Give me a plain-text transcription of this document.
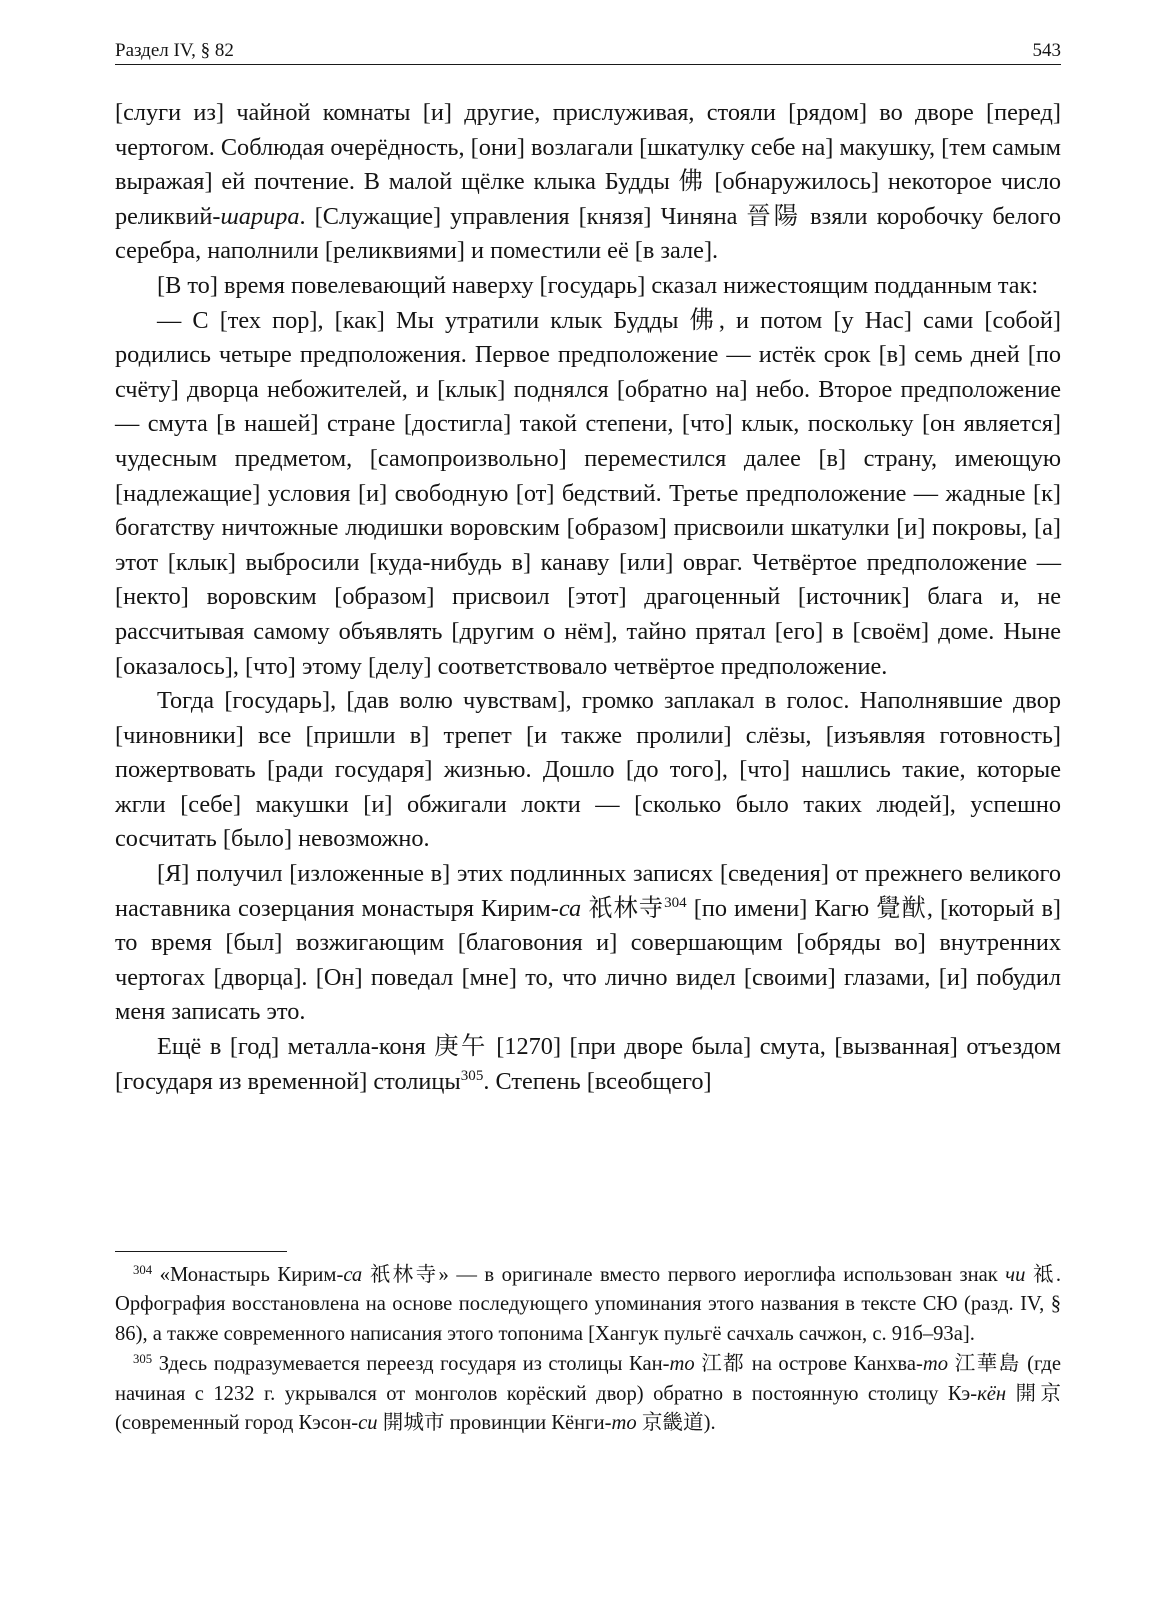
Раздел IV, § 82	543

[слуги из] чайной комнаты [и] другие, прислуживая, стояли [рядом] во дворе [перед] чертогом. Соблюдая очерёдность, [они] возлагали [шкатулку себе на] макушку, [тем самым выражая] ей почтение. В малой щёлке клыка Будды 佛 [обнаружилось] некоторое число реликвий-шарира. [Служащие] управления [князя] Чиняна 晉陽 взяли коробочку белого серебра, наполнили [реликвиями] и поместили её [в зале].

[В то] время повелевающий наверху [государь] сказал нижестоящим подданным так:

— С [тех пор], [как] Мы утратили клык Будды 佛, и потом [у Нас] сами [собой] родились четыре предположения. Первое предположение — истёк срок [в] семь дней [по счёту] дворца небожителей, и [клык] поднялся [обратно на] небо. Второе предположение — смута [в нашей] стране [достигла] такой степени, [что] клык, поскольку [он является] чудесным предметом, [самопроизвольно] переместился далее [в] страну, имеющую [надлежащие] условия [и] свободную [от] бедствий. Третье предположение — жадные [к] богатству ничтожные людишки воровским [образом] присвоили шкатулки [и] покровы, [а] этот [клык] выбросили [куда-нибудь в] канаву [или] овраг. Четвёртое предположение — [некто] воровским [образом] присвоил [этот] драгоценный [источник] блага и, не рассчитывая самому объявлять [другим о нём], тайно прятал [его] в [своём] доме. Ныне [оказалось], [что] этому [делу] соответствовало четвёртое предположение.

Тогда [государь], [дав волю чувствам], громко заплакал в голос. Наполнявшие двор [чиновники] все [пришли в] трепет [и также пролили] слёзы, [изъявляя готовность] пожертвовать [ради государя] жизнью. Дошло [до того], [что] нашлись такие, которые жгли [себе] макушки [и] обжигали локти — [сколько было таких людей], успешно сосчитать [было] невозможно.

[Я] получил [изложенные в] этих подлинных записях [сведения] от прежнего великого наставника созерцания монастыря Кирим-са 祇林寺$^{304}$ [по имени] Кагю 覺猷, [который в] то время [был] возжигающим [благовония и] совершающим [обряды во] внутренних чертогах [дворца]. [Он] поведал [мне] то, что лично видел [своими] глазами, [и] побудил меня записать это.

Ещё в [год] металла-коня 庚午 [1270] [при дворе была] смута, [вызванная] отъездом [государя из временной] столицы$^{305}$. Степень [всеобщего]

$^{304}$ «Монастырь Кирим-са 祇林寺» — в оригинале вместо первого иероглифа использован знак чи 祗. Орфография восстановлена на основе последующего упоминания этого названия в тексте СЮ (разд. IV, § 86), а также современного написания этого топонима [Хангук пульгё сачхаль сачжон, с. 91б–93а].

$^{305}$ Здесь подразумевается переезд государя из столицы Кан-то 江都 на острове Канхва-то 江華島 (где начиная с 1232 г. укрывался от монголов корёский двор) обратно в постоянную столицу Кэ-кён 開京 (современный город Кэсон-си 開城市 провинции Кёнги-то 京畿道).
